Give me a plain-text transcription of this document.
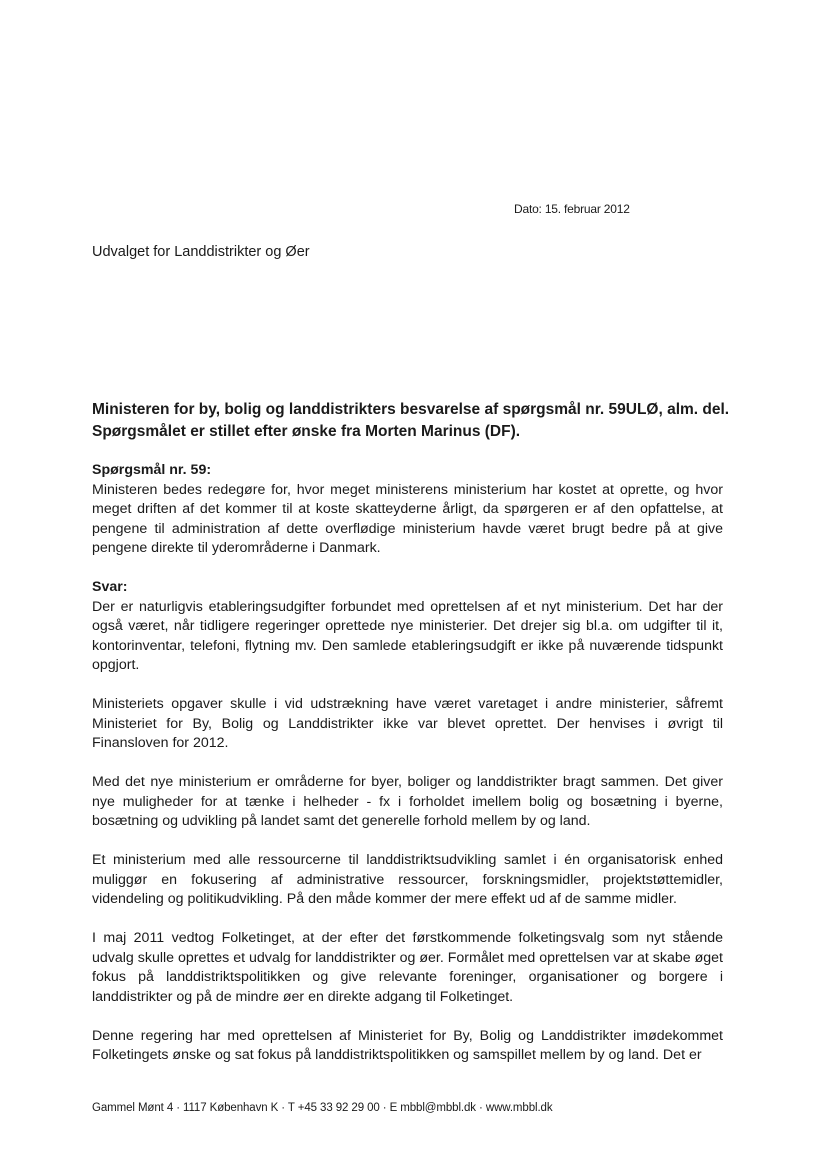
Dato: 15. februar 2012
Udvalget for Landdistrikter og Øer
Ministeren for by, bolig og landdistrikters besvarelse af spørgsmål nr. 59ULØ, alm. del.
Spørgsmålet er stillet efter ønske fra Morten Marinus (DF).

Spørgsmål nr. 59:

Ministeren bedes redegøre for, hvor meget ministerens ministerium har kostet at oprette, og hvor meget driften af det kommer til at koste skatteyderne årligt, da spørgeren er af den opfattelse, at pengene til administration af dette overflødige ministerium havde været brugt bedre på at give pengene direkte til yderområderne i Danmark.

Svar:

Der er naturligvis etableringsudgifter forbundet med oprettelsen af et nyt ministerium. Det har der også været, når tidligere regeringer oprettede nye ministerier. Det drejer sig bl.a. om udgifter til it, kontorinventar, telefoni, flytning mv. Den samlede etableringsudgift er ikke på nuværende tidspunkt opgjort.

Ministeriets opgaver skulle i vid udstrækning have været varetaget i andre ministerier, såfremt Ministeriet for By, Bolig og Landdistrikter ikke var blevet oprettet. Der henvises i øvrigt til Finansloven for 2012.

Med det nye ministerium er områderne for byer, boliger og landdistrikter bragt sammen. Det giver nye muligheder for at tænke i helheder - fx i forholdet imellem bolig og bosætning i byerne, bosætning og udvikling på landet samt det generelle forhold mellem by og land.

Et ministerium med alle ressourcerne til landdistriktsudvikling samlet i én organisatorisk enhed muliggør en fokusering af administrative ressourcer, forskningsmidler, projektstøttemidler, videndeling og politikudvikling. På den måde kommer der mere effekt ud af de samme midler.

I maj 2011 vedtog Folketinget, at der efter det førstkommende folketingsvalg som nyt stående udvalg skulle oprettes et udvalg for landdistrikter og øer. Formålet med oprettelsen var at skabe øget fokus på landdistriktspolitikken og give relevante foreninger, organisationer og borgere i landdistrikter og på de mindre øer en direkte adgang til Folketinget.

Denne regering har med oprettelsen af Ministeriet for By, Bolig og Landdistrikter imødekommet Folketingets ønske og sat fokus på landdistriktspolitikken og samspillet mellem by og land. Det er

Gammel Mønt 4 · 1117 København K · T +45 33 92 29 00 · E mbbl@mbbl.dk · www.mbbl.dk
